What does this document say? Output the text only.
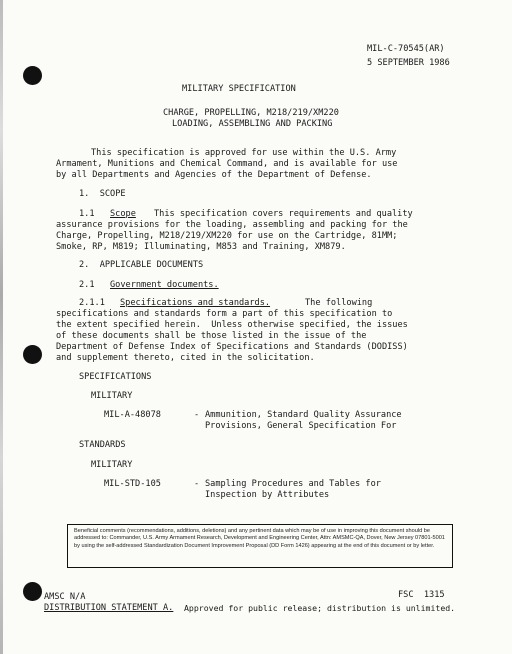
MIL-C-70545(AR)
5 SEPTEMBER 1986
MILITARY SPECIFICATION
CHARGE, PROPELLING, M218/219/XM220
LOADING, ASSEMBLING AND PACKING
This specification is approved for use within the U.S. Army
Armament, Munitions and Chemical Command, and is available for use
by all Departments and Agencies of the Department of Defense.
1.  SCOPE
1.1 Scope This specification covers requirements and quality
assurance provisions for the loading, assembling and packing for the
Charge, Propelling, M218/219/XM220 for use on the Cartridge, 81MM;
Smoke, RP, M819; Illuminating, M853 and Training, XM879.
2.  APPLICABLE DOCUMENTS
2.1 Government documents.
2.1.1 Specifications and standards.	The following
specifications and standards form a part of this specification to
the extent specified herein.  Unless otherwise specified, the issues
of these documents shall be those listed in the issue of the
Department of Defense Index of Specifications and Standards (DODISS)
and supplement thereto, cited in the solicitation.
SPECIFICATIONS
MILITARY
MIL-A-48078	- Ammunition, Standard Quality Assurance
Provisions, General Specification For
STANDARDS
MILITARY
MIL-STD-105	- Sampling Procedures and Tables for
Inspection by Attributes
Beneficial comments (recommendations, additions, deletions) and any pertinent data which may be of use in improving this document should be addressed to: Commander, U.S. Army Armament Research, Development and Engineering Center, Attn: AMSMC-QA, Dover, New Jersey 07801-5001 by using the self-addressed Standardization Document Improvement Proposal (DD Form 1426) appearing at the end of this document or by letter.
AMSC N/A	FSC  1315
DISTRIBUTION STATEMENT A. Approved for public release; distribution is unlimited.
